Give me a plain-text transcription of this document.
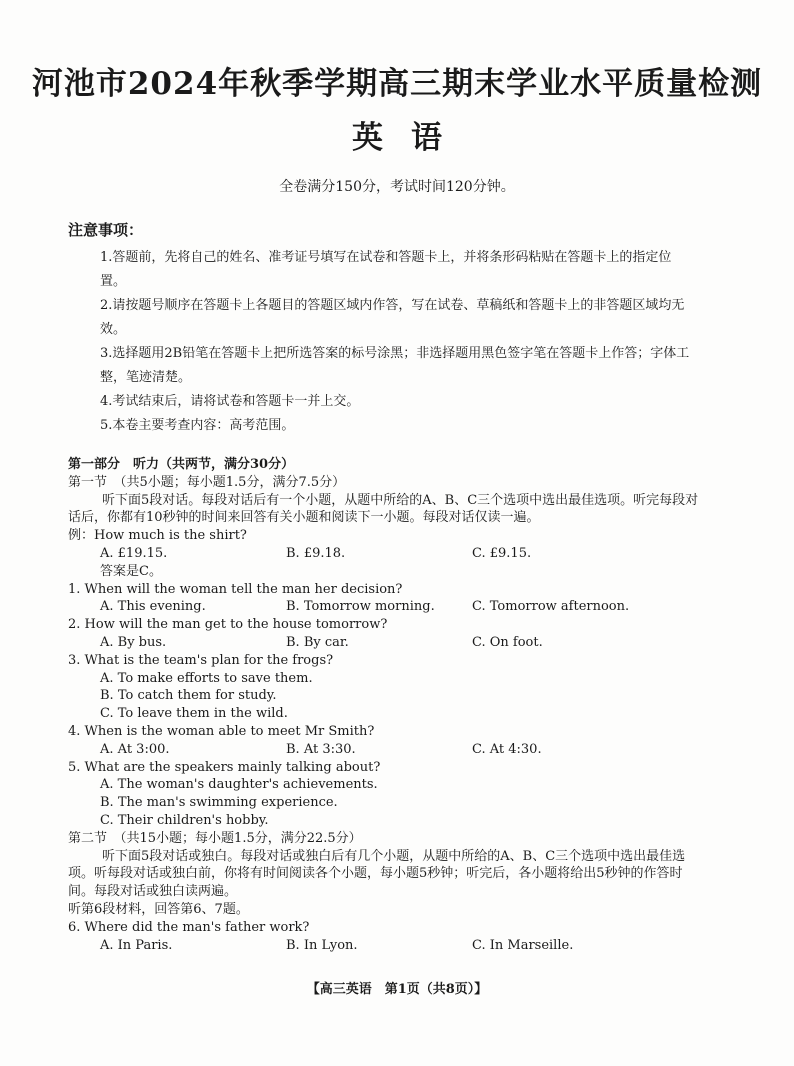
河池市2024年秋季学期高三期末学业水平质量检测
英语
全卷满分150分，考试时间120分钟。
注意事项：

1.答题前，先将自己的姓名、准考证号填写在试卷和答题卡上，并将条形码粘贴在答题卡上的指定位置。

2.请按题号顺序在答题卡上各题目的答题区域内作答，写在试卷、草稿纸和答题卡上的非答题区域均无效。

3.选择题用2B铅笔在答题卡上把所选答案的标号涂黑；非选择题用黑色签字笔在答题卡上作答；字体工整，笔迹清楚。

4.考试结束后，请将试卷和答题卡一并上交。

5.本卷主要考查内容：高考范围。

第一部分　听力（共两节，满分30分）

第一节　（共5小题；每小题1.5分，满分7.5分）

听下面5段对话。每段对话后有一个小题，从题中所给的A、B、C三个选项中选出最佳选项。听完每段对话后，你都有10秒钟的时间来回答有关小题和阅读下一小题。每段对话仅读一遍。

例：How much is the shirt?

A. £19.15.	B. £9.18.	C. £9.15.

答案是C。

1. When will the woman tell the man her decision?

A. This evening.	B. Tomorrow morning.	C. Tomorrow afternoon.

2. How will the man get to the house tomorrow?

A. By bus.	B. By car.	C. On foot.

3. What is the team's plan for the frogs?

A. To make efforts to save them.

B. To catch them for study.

C. To leave them in the wild.

4. When is the woman able to meet Mr Smith?

A. At 3:00.	B. At 3:30.	C. At 4:30.

5. What are the speakers mainly talking about?

A. The woman's daughter's achievements.

B. The man's swimming experience.

C. Their children's hobby.

第二节　（共15小题；每小题1.5分，满分22.5分）

听下面5段对话或独白。每段对话或独白后有几个小题，从题中所给的A、B、C三个选项中选出最佳选项。听每段对话或独白前，你将有时间阅读各个小题，每小题5秒钟；听完后，各小题将给出5秒钟的作答时间。每段对话或独白读两遍。

听第6段材料，回答第6、7题。

6. Where did the man's father work?

A. In Paris.	B. In Lyon.	C. In Marseille.
【高三英语　第1页（共8页）】
